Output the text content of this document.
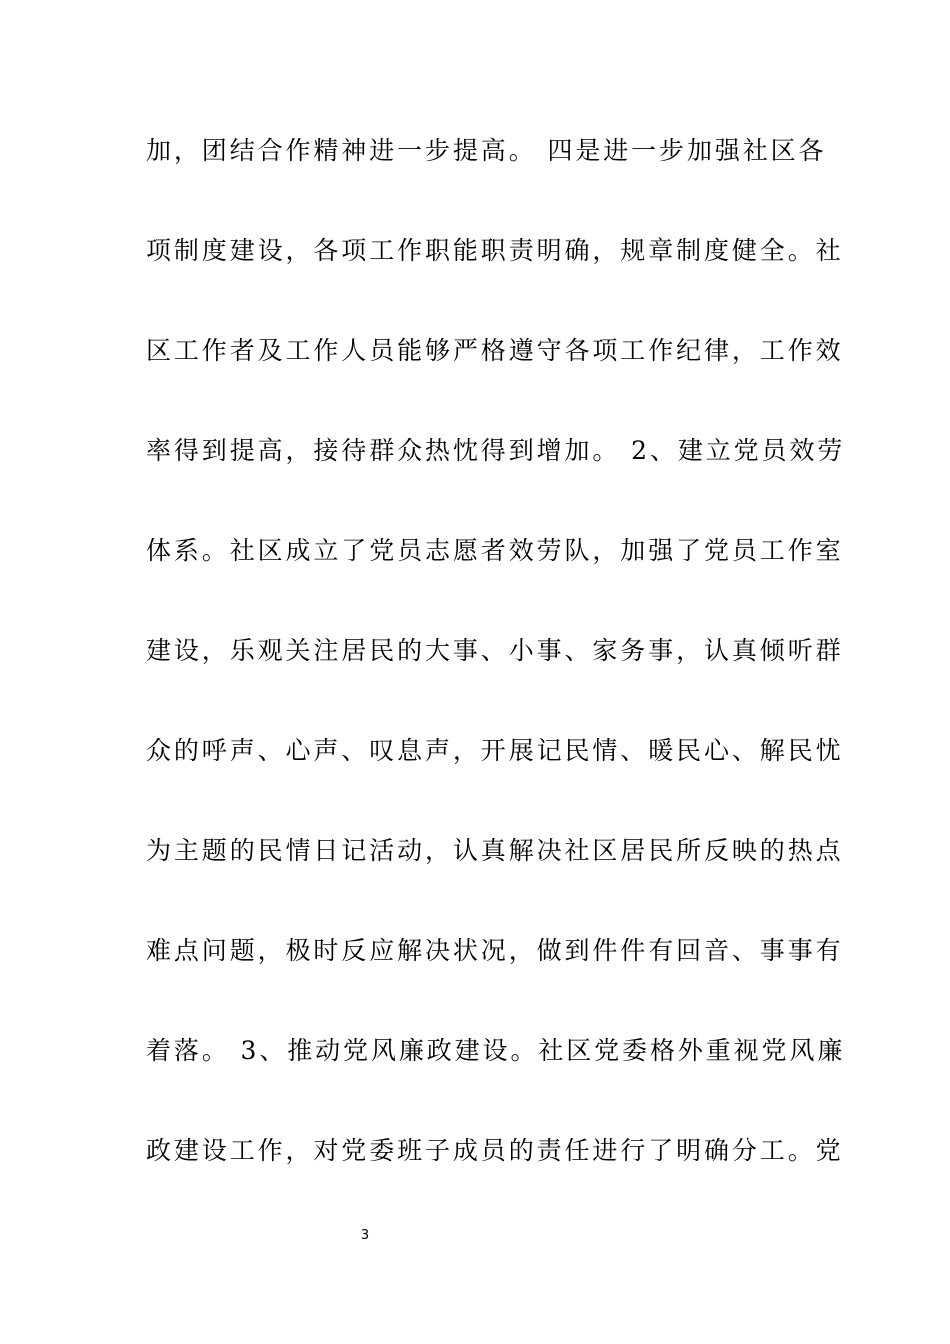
加，团结合作精神进一步提高。 四是进一步加强社区各
项制度建设，各项工作职能职责明确，规章制度健全。社
区工作者及工作人员能够严格遵守各项工作纪律，工作效
率得到提高，接待群众热忱得到增加。 2、建立党员效劳
体系。社区成立了党员志愿者效劳队，加强了党员工作室
建设，乐观关注居民的大事、小事、家务事，认真倾听群
众的呼声、心声、叹息声，开展记民情、暖民心、解民忧
为主题的民情日记活动，认真解决社区居民所反映的热点
难点问题，极时反应解决状况，做到件件有回音、事事有
着落。 3、推动党风廉政建设。社区党委格外重视党风廉
政建设工作，对党委班子成员的责任进行了明确分工。党
3
